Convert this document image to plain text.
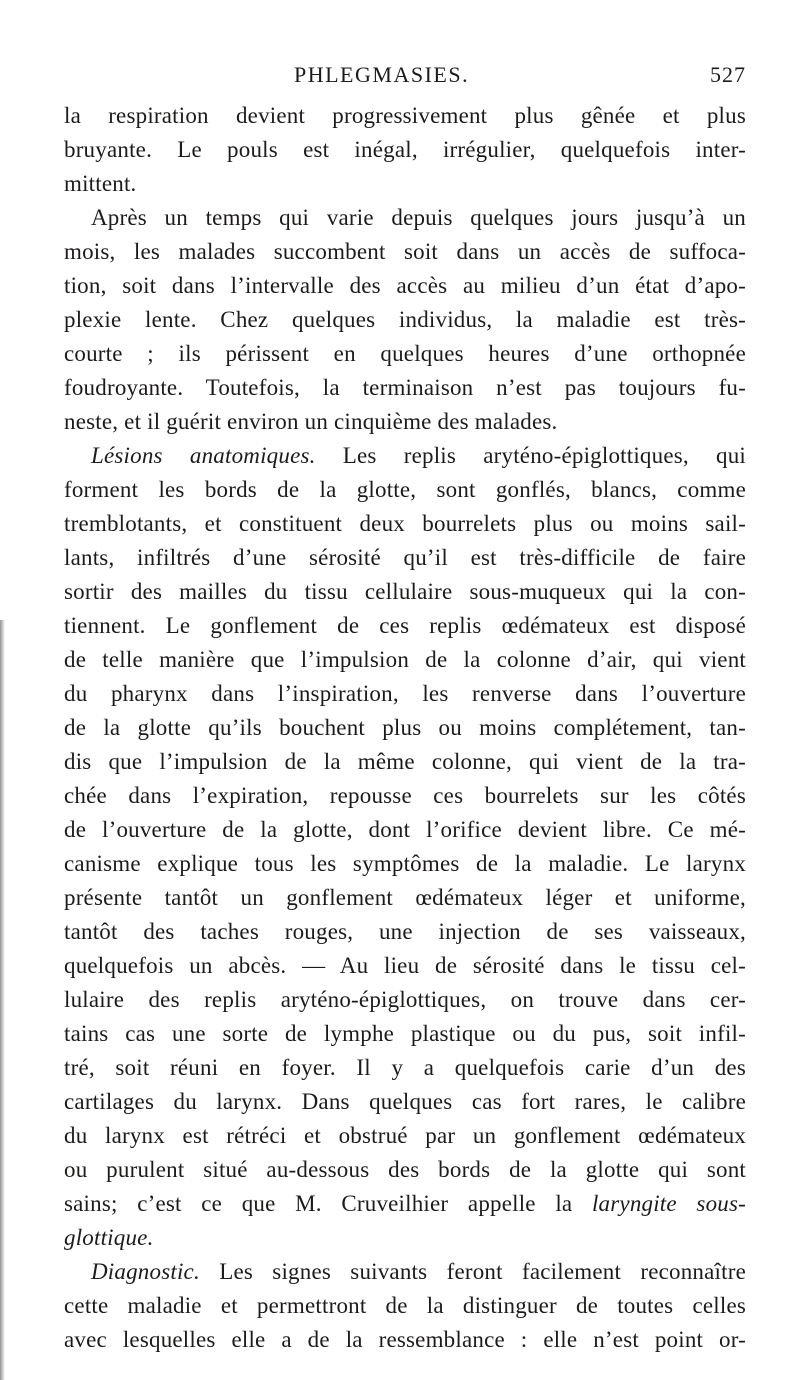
PHLEGMASIES.	527
la respiration devient progressivement plus gênée et plus
bruyante. Le pouls est inégal, irrégulier, quelquefois inter-
mittent.
Après un temps qui varie depuis quelques jours jusqu’à un
mois, les malades succombent soit dans un accès de suffoca-
tion, soit dans l’intervalle des accès au milieu d’un état d’apo-
plexie lente. Chez quelques individus, la maladie est très-
courte ; ils périssent en quelques heures d’une orthopnée
foudroyante. Toutefois, la terminaison n’est pas toujours fu-
neste, et il guérit environ un cinquième des malades.
Lésions anatomiques. Les replis aryténo-épiglottiques, qui
forment les bords de la glotte, sont gonflés, blancs, comme
tremblotants, et constituent deux bourrelets plus ou moins sail-
lants, infiltrés d’une sérosité qu’il est très-difficile de faire
sortir des mailles du tissu cellulaire sous-muqueux qui la con-
tiennent. Le gonflement de ces replis œdémateux est disposé
de telle manière que l’impulsion de la colonne d’air, qui vient
du pharynx dans l’inspiration, les renverse dans l’ouverture
de la glotte qu’ils bouchent plus ou moins complétement, tan-
dis que l’impulsion de la même colonne, qui vient de la tra-
chée dans l’expiration, repousse ces bourrelets sur les côtés
de l’ouverture de la glotte, dont l’orifice devient libre. Ce mé-
canisme explique tous les symptômes de la maladie. Le larynx
présente tantôt un gonflement œdémateux léger et uniforme,
tantôt des taches rouges, une injection de ses vaisseaux,
quelquefois un abcès. — Au lieu de sérosité dans le tissu cel-
lulaire des replis aryténo-épiglottiques, on trouve dans cer-
tains cas une sorte de lymphe plastique ou du pus, soit infil-
tré, soit réuni en foyer. Il y a quelquefois carie d’un des
cartilages du larynx. Dans quelques cas fort rares, le calibre
du larynx est rétréci et obstrué par un gonflement œdémateux
ou purulent situé au-dessous des bords de la glotte qui sont
sains; c’est ce que M. Cruveilhier appelle la laryngite sous-
glottique.
Diagnostic. Les signes suivants feront facilement reconnaître
cette maladie et permettront de la distinguer de toutes celles
avec lesquelles elle a de la ressemblance : elle n’est point or-
